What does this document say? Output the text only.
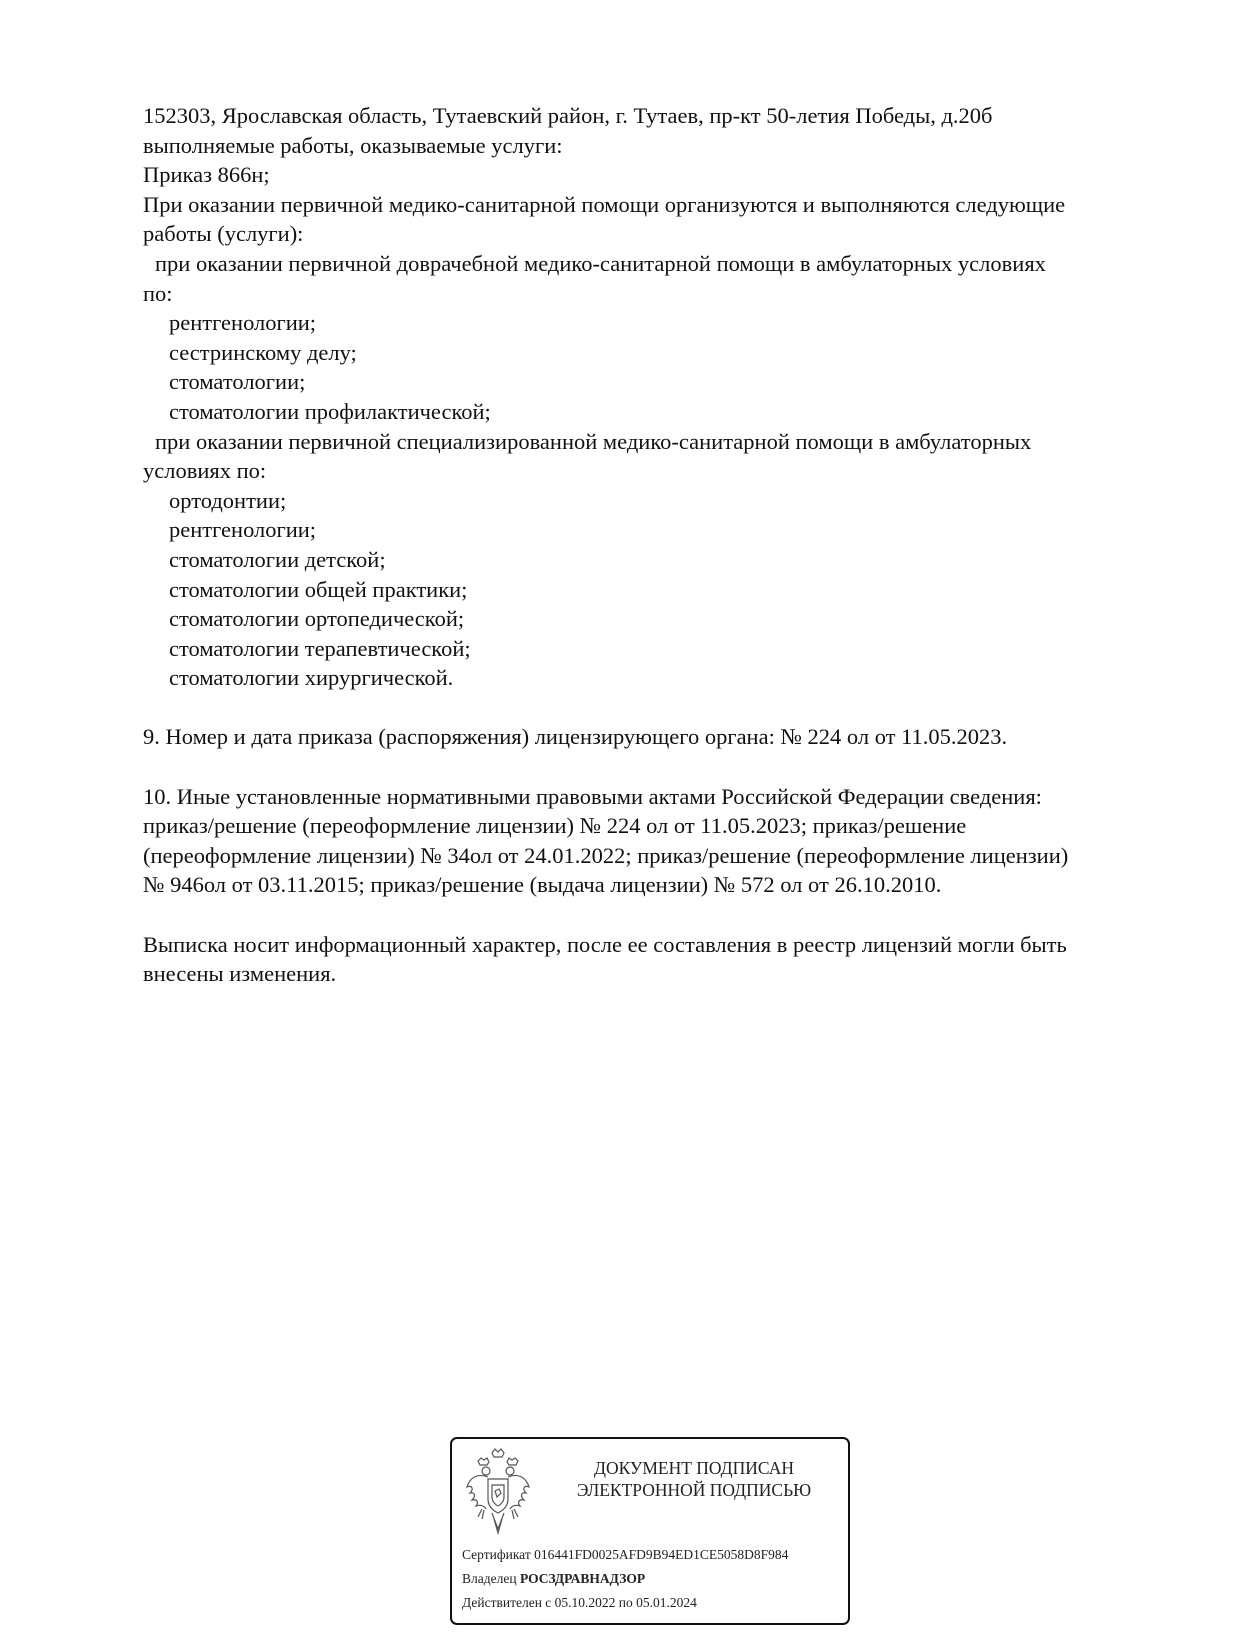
152303, Ярославская область, Тутаевский район, г. Тутаев, пр-кт 50-летия Победы, д.20б
выполняемые работы, оказываемые услуги:
Приказ 866н;
При оказании первичной медико-санитарной помощи организуются и выполняются следующие
работы (услуги):
при оказании первичной доврачебной медико-санитарной помощи в амбулаторных условиях
по:
рентгенологии;
сестринскому делу;
стоматологии;
стоматологии профилактической;
при оказании первичной специализированной медико-санитарной помощи в амбулаторных
условиях по:
ортодонтии;
рентгенологии;
стоматологии детской;
стоматологии общей практики;
стоматологии ортопедической;
стоматологии терапевтической;
стоматологии хирургической.
9. Номер и дата приказа (распоряжения) лицензирующего органа: № 224 ол от 11.05.2023.
10. Иные установленные нормативными правовыми актами Российской Федерации сведения:
приказ/решение (переоформление лицензии) № 224 ол от 11.05.2023; приказ/решение
(переоформление лицензии) № 34ол от 24.01.2022; приказ/решение (переоформление лицензии)
№ 946ол от 03.11.2015; приказ/решение (выдача лицензии) № 572 ол от 26.10.2010.
Выписка носит информационный характер, после ее составления в реестр лицензий могли быть
внесены изменения.
ДОКУМЕНТ ПОДПИСАН
ЭЛЕКТРОННОЙ ПОДПИСЬЮ
Сертификат 016441FD0025AFD9B94ED1CE5058D8F984
Владелец РОСЗДРАВНАДЗОР
Действителен с 05.10.2022 по 05.01.2024
